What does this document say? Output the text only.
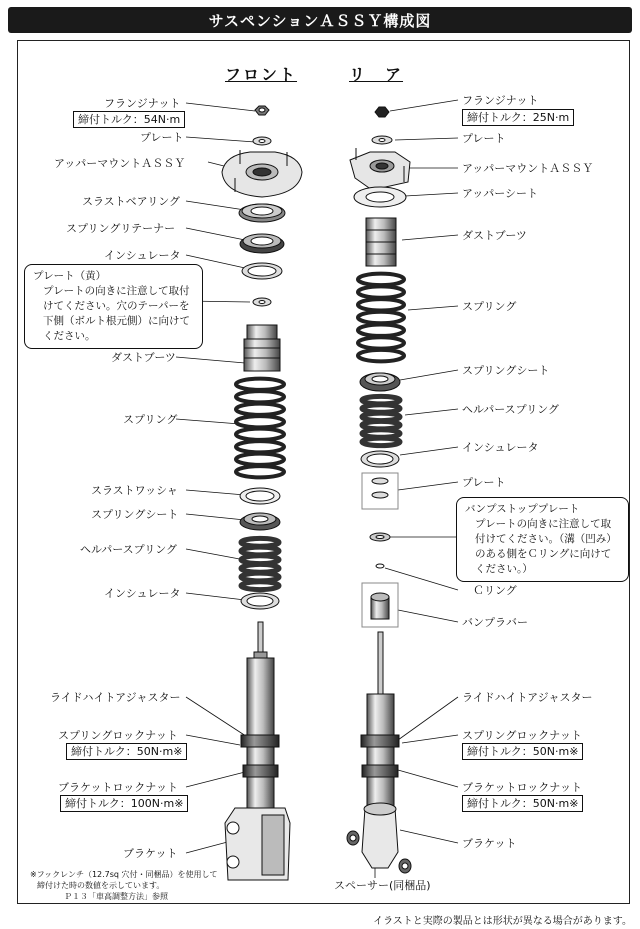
サスペンションＡＳＳＹ構成図
フロント	リ　ア
フランジナット
締付トルク：54N·m
プレート
アッパーマウントＡＳＳＹ
スラストベアリング
スプリングリテーナー
インシュレータ
プレート（黄）
プレートの向きに注意して取付けてください。穴のテーパーを下側（ボルト根元側）に向けてください。
ダストブーツ
スプリング
スラストワッシャ
スプリングシート
ヘルパースプリング
インシュレータ
ライドハイトアジャスター
スプリングロックナット
締付トルク：50N·m※
ブラケットロックナット
締付トルク：100N·m※
ブラケット
フランジナット
締付トルク：25N·m
プレート
アッパーマウントＡＳＳＹ
アッパーシート
ダストブーツ
スプリング
スプリングシート
ヘルパースプリング
インシュレータ
プレート
バンプストッププレート
プレートの向きに注意して取付けてください。（溝（凹み）のある側をＣリングに向けてください。）
Ｃリング
バンプラバー
ライドハイトアジャスター
スプリングロックナット
締付トルク：50N·m※
ブラケットロックナット
締付トルク：50N·m※
ブラケット
スペーサー(同梱品)
※フックレンチ（12.7sq 穴付・同梱品）を使用して
締付けた時の数値を示しています。
Ｐ１３「車高調整方法」参照
イラストと実際の製品とは形状が異なる場合があります。
